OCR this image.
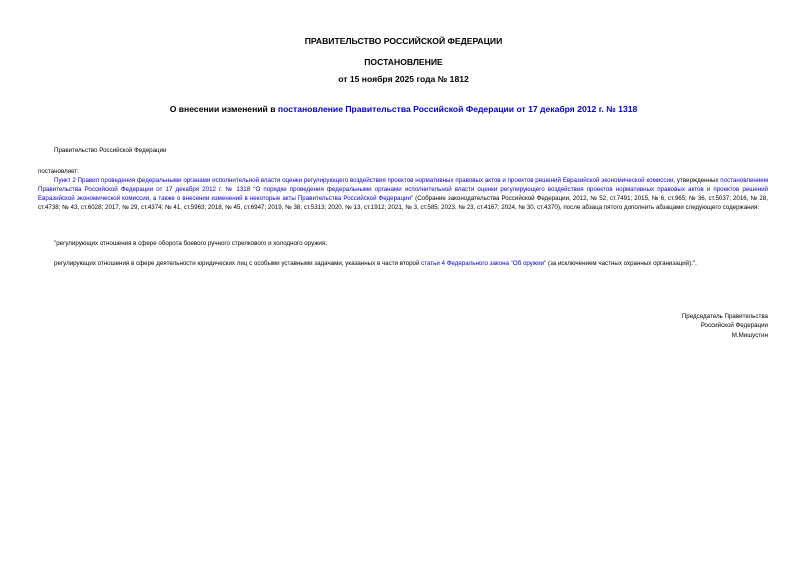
ПРАВИТЕЛЬСТВО РОССИЙСКОЙ ФЕДЕРАЦИИ
ПОСТАНОВЛЕНИЕ
от 15 ноября 2025 года № 1812
О внесении изменений в постановление Правительства Российской Федерации от 17 декабря 2012 г. № 1318
Правительство Российской Федерации
постановляет:
Пункт 2 Правил проведения федеральными органами исполнительной власти оценки регулирующего воздействия проектов нормативных правовых актов и проектов решений Евразийской экономической комиссии, утвержденных постановлением Правительства Российской Федерации от 17 декабря 2012 г. № 1318 "О порядке проведения федеральными органами исполнительной власти оценки регулирующего воздействия проектов нормативных правовых актов и проектов решений Евразийской экономической комиссии, а также о внесении изменений в некоторые акты Правительства Российской Федерации" (Собрание законодательства Российской Федерации, 2012, № 52, ст.7491; 2015, № 6, ст.965; № 36, ст.5037; 2016, № 28, ст.4738; № 43, ст.6028; 2017, № 29, ст.4374; № 41, ст.5963; 2018, № 45, ст.6947; 2019, № 38, ст.5313; 2020, № 13, ст.1912; 2021, № 3, ст.585; 2023, № 23, ст.4167; 2024, № 30, ст.4370), после абзаца пятого дополнить абзацами следующего содержания:
"регулирующих отношения в сфере оборота боевого ручного стрелкового и холодного оружия;
регулирующих отношения в сфере деятельности юридических лиц с особыми уставными задачами, указанных в части второй статьи 4 Федерального закона "Об оружии" (за исключением частных охранных организаций);".
Председатель Правительства
Российской Федерации
М.Мишустин
